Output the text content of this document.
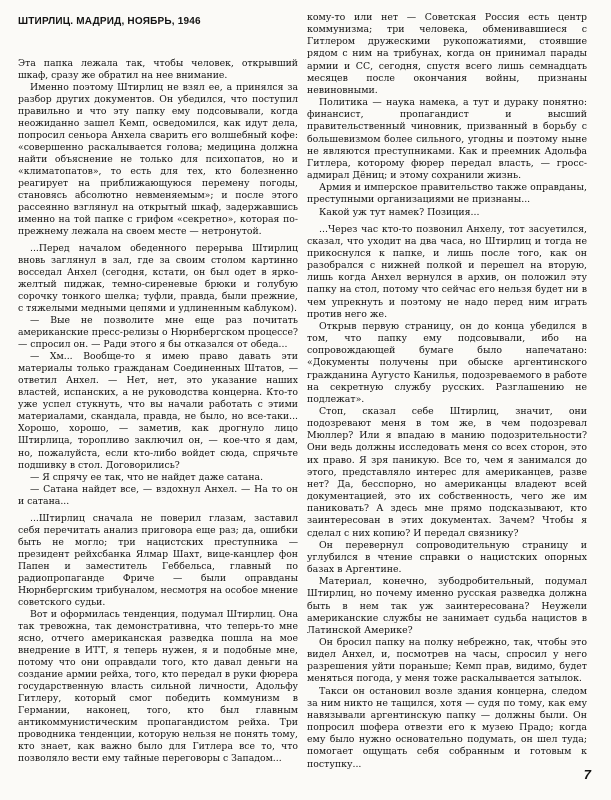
ШТИРЛИЦ. МАДРИД, НОЯБРЬ, 1946

Эта папка лежала так, чтобы человек, открывший шкаф, сразу же обратил на нее внимание.

Именно поэтому Штирлиц не взял ее, а принялся за разбор других документов. Он убедился, что поступил правильно и что эту папку ему подсовывали, когда неожиданно зашел Кемп, осведомился, как идут дела, попросил сеньора Анхела сварить его волшебный кофе: «совершенно раскалывается голова; медицина должна найти объяснение не только для психопатов, но и «климатопатов», то есть для тех, кто болезненно реагирует на приближающуюся перемену погоды, становясь абсолютно невменяемым»; и после этого рассеянно взглянул на открытый шкаф, задержавшись именно на той папке с грифом «секретно», которая по-прежнему лежала на своем месте — нетронутой.

...Перед началом обеденного перерыва Штирлиц вновь заглянул в зал, где за своим столом картинно восседал Анхел (сегодня, кстати, он был одет в ярко-желтый пиджак, темно-сиреневые брюки и голубую сорочку тонкого шелка; туфли, правда, были прежние, с тяжелыми медными цепями и удлиненным каблуком).

— Вые не позволите мне еще раз почитать американские пресс-релизы о Нюрнбергском процессе? — спросил он. — Ради этого я бы отказался от обеда...

— Хм... Вообще-то я имею право давать эти материалы только гражданам Соединенных Штатов, — ответил Анхел. — Нет, нет, это указание наших властей, испанских, а не руководства концерна. Кто-то уже успел стукнуть, что вы начали работать с этими материалами, скандала, правда, не было, но все-таки... Хорошо, хорошо, — заметив, как дрогнуло лицо Штирлица, торопливо заключил он, — кое-что я дам, но, пожалуйста, если кто-либо войдет сюда, спрячьте подшивку в стол. Договорились?

— Я спрячу ее так, что не найдет даже сатана.

— Сатана найдет все, — вздохнул Анхел. — На то он и сатана...

...Штирлиц сначала не поверил глазам, заставил себя перечитать анализ приговора еще раз; да, ошибки быть не могло; три нацистских преступника — президент рейхсбанка Ялмар Шахт, вице-канцлер фон Папен и заместитель Геббельса, главный по радиопропаганде Фриче — были оправданы Нюрнбергским трибуналом, несмотря на особое мнение советского судьи.

Вот и оформилась тенденция, подумал Штирлиц. Она так тревожна, так демонстративна, что теперь-то мне ясно, отчего американская разведка пошла на мое внедрение в ИТТ, я теперь нужен, я и подобные мне, потому что они оправдали того, кто давал деньги на создание армии рейха, того, кто передал в руки фюрера государственную власть сильной личности, Адольфу Гитлеру, который смог победить коммунизм в Германии, наконец, того, кто был главным антикоммунистическим пропагандистом рейха. Три проводника тенденции, которую нельзя не понять тому, кто знает, как важно было для Гитлера все то, что позволяло вести ему тайные переговоры с Западом...

кому-то или нет — Советская Россия есть центр коммунизма; три человека, обменивавшиеся с Гитлером дружескими рукопожатиями, стоявшие рядом с ним на трибунах, когда он принимал парады армии и СС, сегодня, спустя всего лишь семнадцать месяцев после окончания войны, признаны невиновными.

Политика — наука намека, а тут и дураку понятно: финансист, пропагандист и высший правительственный чиновник, призванный в борьбу с большевизмом более сильного, угодны и поэтому ныне не являются преступниками. Как и преемник Адольфа Гитлера, которому фюрер передал власть, — гросс-адмирал Дёниц; и этому сохранили жизнь.

Армия и имперское правительство также оправданы, преступными организациями не признаны...

Какой уж тут намек? Позиция...

...Через час кто-то позвонил Анхелу, тот засуетился, сказал, что уходит на два часа, но Штирлиц и тогда не прикоснулся к папке, и лишь после того, как он разобрался с нижней полкой и перешел на вторую, лишь когда Анхел вернулся в архив, он положил эту папку на стол, потому что сейчас его нельзя будет ни в чем упрекнуть и поэтому не надо перед ним играть против него же.

Открыв первую страницу, он до конца убедился в том, что папку ему подсовывали, ибо на сопровождающей бумаге было напечатано: «Документы получены при обыске аргентинского гражданина Аугусто Канилья, подозреваемого в работе на секретную службу русских. Разглашению не подлежат».

Стоп, сказал себе Штирлиц, значит, они подозревают меня в том же, в чем подозревал Мюллер? Или я впадаю в манию подозрительности? Они ведь должны исследовать меня со всех сторон, это их право. Я зря паникую. Все то, чем я занимался до этого, представляло интерес для американцев, разве нет? Да, бесспорно, но американцы владеют всей документацией, это их собственность, чего же им паниковать? А здесь мне прямо подсказывают, кто заинтересован в этих документах. Зачем? Чтобы я сделал с них копию? И передал связнику?

Он перевернул сопроводительную страницу и углубился в чтение справки о нацистских опорных базах в Аргентине.

Материал, конечно, зубодробительный, подумал Штирлиц, но почему именно русская разведка должна быть в нем так уж заинтересована? Неужели американские службы не занимает судьба нацистов в Латинской Америке?

Он бросил папку на полку небрежно, так, чтобы это видел Анхел, и, посмотрев на часы, спросил у него разрешения уйти пораньше; Кемп прав, видимо, будет меняться погода, у меня тоже раскалывается затылок.

Такси он остановил возле здания концерна, следом за ним никто не тащился, хотя — судя по тому, как ему навязывали аргентинскую папку — должны были. Он попросил шофера отвезти его к музею Прадо; когда ему было нужно основательно подумать, он шел туда; помогает ощущать себя собранным и готовым к поступку...

7
